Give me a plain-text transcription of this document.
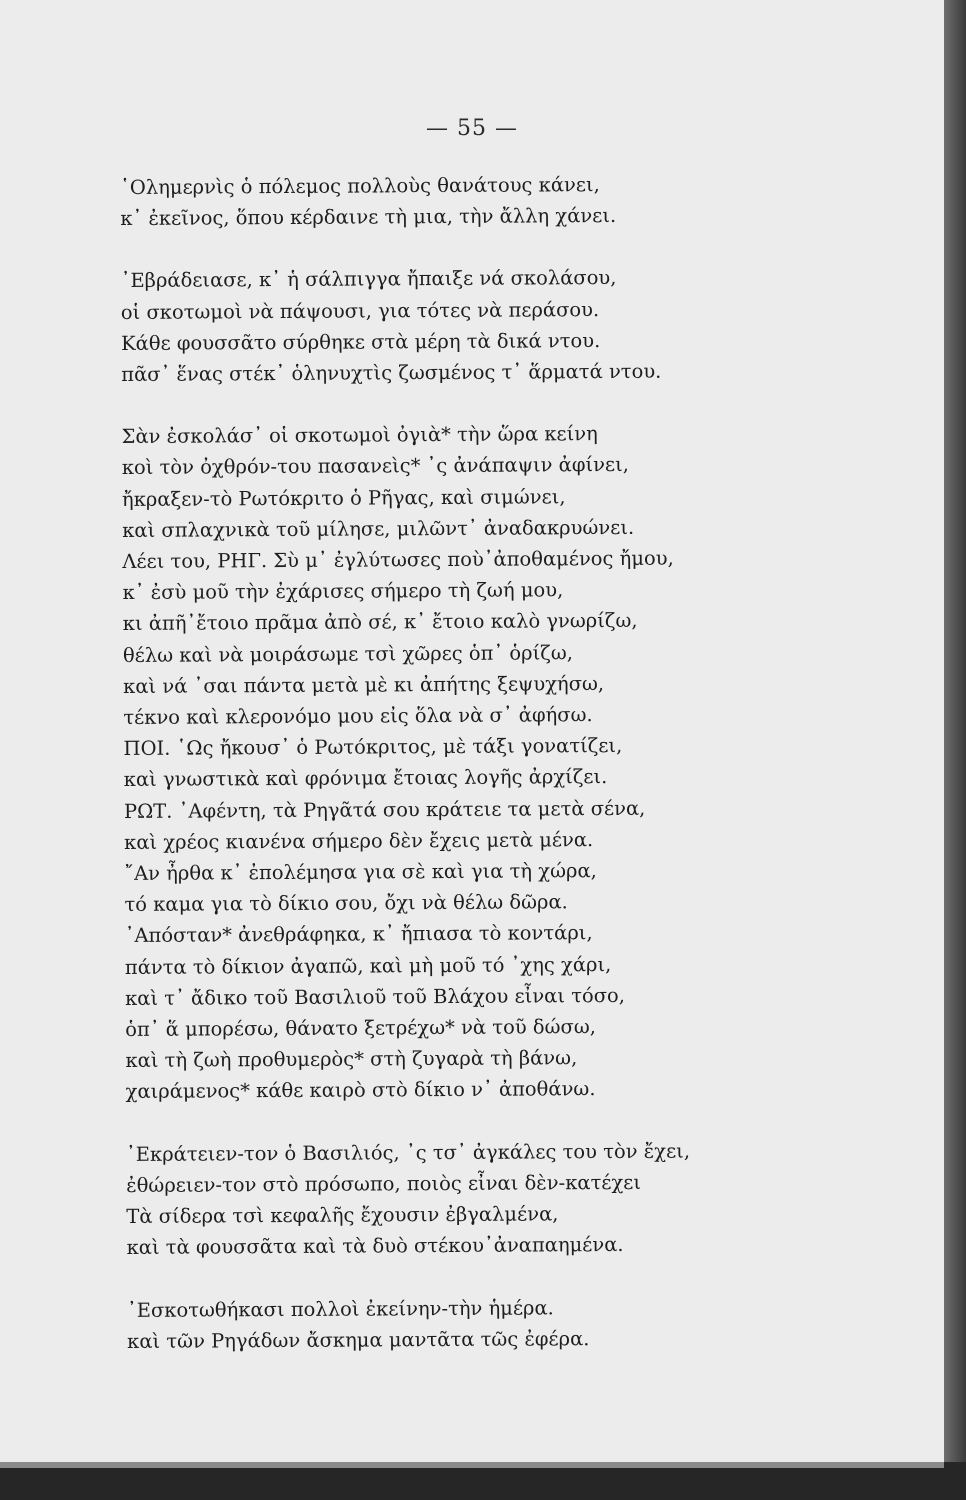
— 55 —
῾Ολημερνὶς ὁ πόλεμος πολλοὺς θανάτους κάνει,
κ᾽ ἐκεῖνος, ὅπου κέρδαινε τὴ μια, τὴν ἄλλη χάνει.
᾽Εβράδειασε, κ᾽ ἡ σάλπιγγα ἤπαιξε νά σκολάσου,
οἱ σκοτωμοὶ νὰ πάψουσι, για τότες νὰ περάσου.
Κάθε φουσσᾶτο σύρθηκε στὰ μέρη τὰ δικά ντου.
πᾶσ᾽ ἕνας στέκ᾽ ὁληνυχτὶς ζωσμένος τ᾽ ἅρματά ντου.
Σὰν ἐσκολάσ᾽ οἱ σκοτωμοὶ ὀγιὰ* τὴν ὥρα κείνη
κοὶ τὸν ὀχθρόν-του πασανεὶς* ᾽ς ἀνάπαψιν ἀφίνει,
ἤκραξεν-τὸ Ρωτόκριτο ὁ Ρῆγας, καὶ σιμώνει,
καὶ σπλαχνικὰ τοῦ μίλησε, μιλῶντ᾽ ἀναδακρυώνει.
Λέει του, ΡΗΓ. Σὺ μ᾽ ἐγλύτωσες ποὺ᾽ἀποθαμένος ἤμου,
κ᾽ ἐσὺ μοῦ τὴν ἐχάρισες σήμερο τὴ ζωή μου,
κι ἀπῆ᾽ἔτοιο πρᾶμα ἀπὸ σέ, κ᾽ ἔτοιο καλὸ γνωρίζω,
θέλω καὶ νὰ μοιράσωμε τσὶ χῶρες ὁπ᾽ ὁρίζω,
καὶ νά ᾽σαι πάντα μετὰ μὲ κι ἀπήτης ξεψυχήσω,
τέκνο καὶ κλερονόμο μου εἰς ὅλα νὰ σ᾽ ἀφήσω.
ΠΟΙ. ῾Ως ἤκουσ᾽ ὁ Ρωτόκριτος, μὲ τάξι γονατίζει,
καὶ γνωστικὰ καὶ φρόνιμα ἔτοιας λογῆς ἀρχίζει.
ΡΩΤ. ᾽Αφέντη, τὰ Ρηγᾶτά σου κράτειε τα μετὰ σένα,
καὶ χρέος κιανένα σήμερο δὲν ἔχεις μετὰ μένα.
῎Αν ἦρθα κ᾽ ἐπολέμησα για σὲ καὶ για τὴ χώρα,
τό καμα για τὸ δίκιο σου, ὄχι νὰ θέλω δῶρα.
᾽Απόσταν* ἀνεθράφηκα, κ᾽ ἤπιασα τὸ κοντάρι,
πάντα τὸ δίκιον ἀγαπῶ, καὶ μὴ μοῦ τό ᾽χης χάρι,
καὶ τ᾽ ἄδικο τοῦ Βασιλιοῦ τοῦ Βλάχου εἶναι τόσο,
ὁπ᾽ ἅ μπορέσω, θάνατο ξετρέχω* νὰ τοῦ δώσω,
καὶ τὴ ζωὴ προθυμερὸς* στὴ ζυγαρὰ τὴ βάνω,
χαιράμενος* κάθε καιρὸ στὸ δίκιο ν᾽ ἀποθάνω.
᾽Εκράτειεν-τον ὁ Βασιλιός, ᾽ς τσ᾽ ἀγκάλες του τὸν ἔχει,
ἐθώρειεν-τον στὸ πρόσωπο, ποιὸς εἶναι δὲν-κατέχει
Τὰ σίδερα τσὶ κεφαλῆς ἔχουσιν ἐβγαλμένα,
καὶ τὰ φουσσᾶτα καὶ τὰ δυὸ στέκου᾽ἀναπαημένα.
᾽Εσκοτωθήκασι πολλοὶ ἐκείνην-τὴν ἡμέρα.
καὶ τῶν Ρηγάδων ἄσκημα μαντᾶτα τῶς ἐφέρα.
